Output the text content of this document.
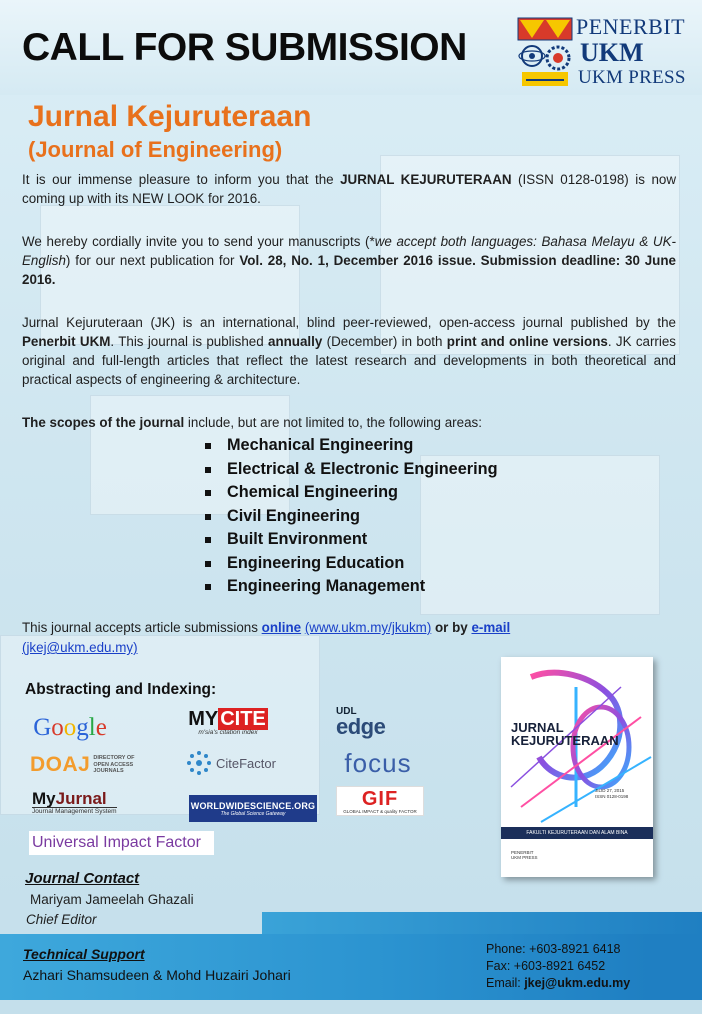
CALL FOR SUBMISSION	PENERBIT
UKM
UKM PRESS
Jurnal Kejuruteraan
(Journal of Engineering)
It is our immense pleasure to inform you that the JURNAL KEJURUTERAAN (ISSN 0128-0198) is now coming up with its NEW LOOK for 2016.
We hereby cordially invite you to send your manuscripts (*we accept both languages: Bahasa Melayu & UK-English) for our next publication for Vol. 28, No. 1, December 2016 issue. Submission deadline: 30 June 2016.
Jurnal Kejuruteraan (JK) is an international, blind peer-reviewed, open-access journal published by the Penerbit UKM. This journal is published annually (December) in both print and online versions. JK carries original and full-length articles that reflect the latest research and developments in both theoretical and practical aspects of engineering & architecture.
The scopes of the journal include, but are not limited to, the following areas:
Mechanical Engineering
Electrical & Electronic Engineering
Chemical Engineering
Civil Engineering
Built Environment
Engineering Education
Engineering Management
This journal accepts article submissions online (www.ukm.my/jkukm) or by e-mail
(jkej@ukm.edu.my)
Abstracting and Indexing:
Google	MY CITE
m'sia's citation index
UDL
edge
DOAJ DIRECTORY OF OPEN ACCESS JOURNALS
CiteFactor	focus
MyJurnal
Journal Management System
WORLDWIDESCIENCE.ORG
The Global Science Gateway
GIF
GLOBAL IMPACT & quality FACTOR
Universal Impact Factor
JURNAL
KEJURUTERAAN
JILID 27, 2015
ISSN 0128-0198
FAKULTI KEJURUTERAAN DAN ALAM BINA
PENERBIT UKM PRESS
Journal Contact
Mariyam Jameelah Ghazali
Chief Editor
Technical Support
Azhari Shamsudeen & Mohd Huzairi Johari
Phone: +603-8921 6418
Fax: +603-8921 6452
Email: jkej@ukm.edu.my
